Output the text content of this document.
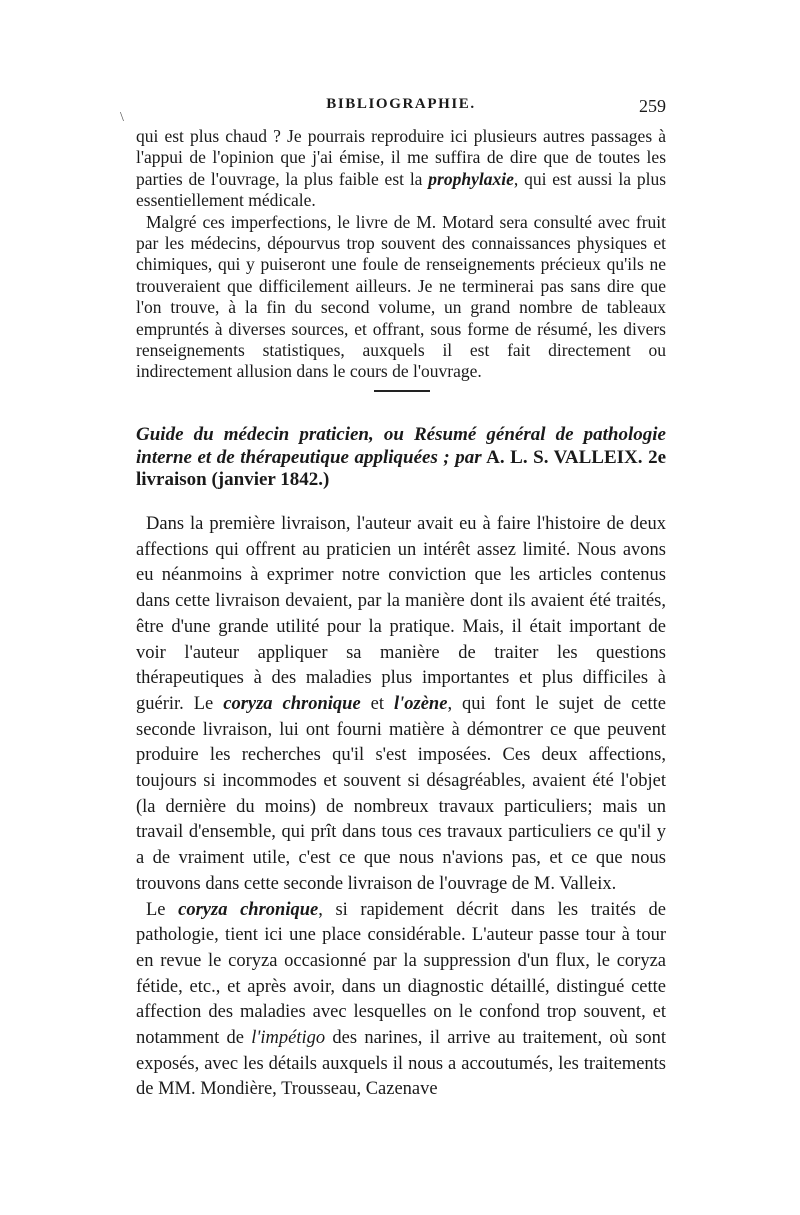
\
BIBLIOGRAPHIE.	259

qui est plus chaud ? Je pourrais reproduire ici plusieurs autres passages à l'appui de l'opinion que j'ai émise, il me suffira de dire que de toutes les parties de l'ouvrage, la plus faible est la prophylaxie, qui est aussi la plus essentiellement médicale.

Malgré ces imperfections, le livre de M. Motard sera consulté avec fruit par les médecins, dépourvus trop souvent des connaissances physiques et chimiques, qui y puiseront une foule de renseignements précieux qu'ils ne trouveraient que difficilement ailleurs. Je ne terminerai pas sans dire que l'on trouve, à la fin du second volume, un grand nombre de tableaux empruntés à diverses sources, et offrant, sous forme de résumé, les divers renseignements statistiques, auxquels il est fait directement ou indirectement allusion dans le cours de l'ouvrage.

Guide du médecin praticien, ou Résumé général de pathologie interne et de thérapeutique appliquées ; par A. L. S. VALLEIX. 2e livraison (janvier 1842.)

Dans la première livraison, l'auteur avait eu à faire l'histoire de deux affections qui offrent au praticien un intérêt assez limité. Nous avons eu néanmoins à exprimer notre conviction que les articles contenus dans cette livraison devaient, par la manière dont ils avaient été traités, être d'une grande utilité pour la pratique. Mais, il était important de voir l'auteur appliquer sa manière de traiter les questions thérapeutiques à des maladies plus importantes et plus difficiles à guérir. Le coryza chronique et l'ozène, qui font le sujet de cette seconde livraison, lui ont fourni matière à démontrer ce que peuvent produire les recherches qu'il s'est imposées. Ces deux affections, toujours si incommodes et souvent si désagréables, avaient été l'objet (la dernière du moins) de nombreux travaux particuliers; mais un travail d'ensemble, qui prît dans tous ces travaux particuliers ce qu'il y a de vraiment utile, c'est ce que nous n'avions pas, et ce que nous trouvons dans cette seconde livraison de l'ouvrage de M. Valleix.

Le coryza chronique, si rapidement décrit dans les traités de pathologie, tient ici une place considérable. L'auteur passe tour à tour en revue le coryza occasionné par la suppression d'un flux, le coryza fétide, etc., et après avoir, dans un diagnostic détaillé, distingué cette affection des maladies avec lesquelles on le confond trop souvent, et notamment de l'impétigo des narines, il arrive au traitement, où sont exposés, avec les détails auxquels il nous a accoutumés, les traitements de MM. Mondière, Trousseau, Cazenave
